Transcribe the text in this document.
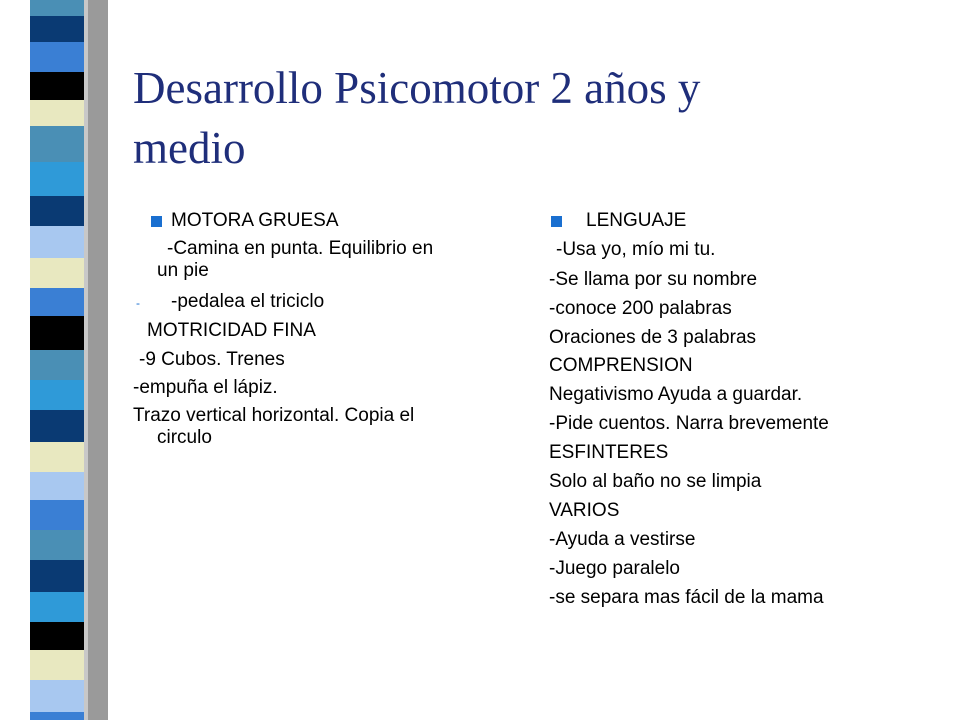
Desarrollo Psicomotor 2 años y
medio
MOTORA GRUESA
-Camina en punta. Equilibrio en
un pie
- -pedalea el triciclo
MOTRICIDAD FINA
-9 Cubos. Trenes
-empuña el lápiz.
Trazo vertical horizontal. Copia el
circulo
LENGUAJE
-Usa yo, mío mi tu.
-Se llama por su nombre
-conoce 200 palabras
Oraciones de 3 palabras
COMPRENSION
Negativismo Ayuda a guardar.
-Pide cuentos. Narra brevemente
ESFINTERES
Solo al baño no se limpia
VARIOS
-Ayuda a vestirse
-Juego paralelo
-se separa mas fácil de la mama
